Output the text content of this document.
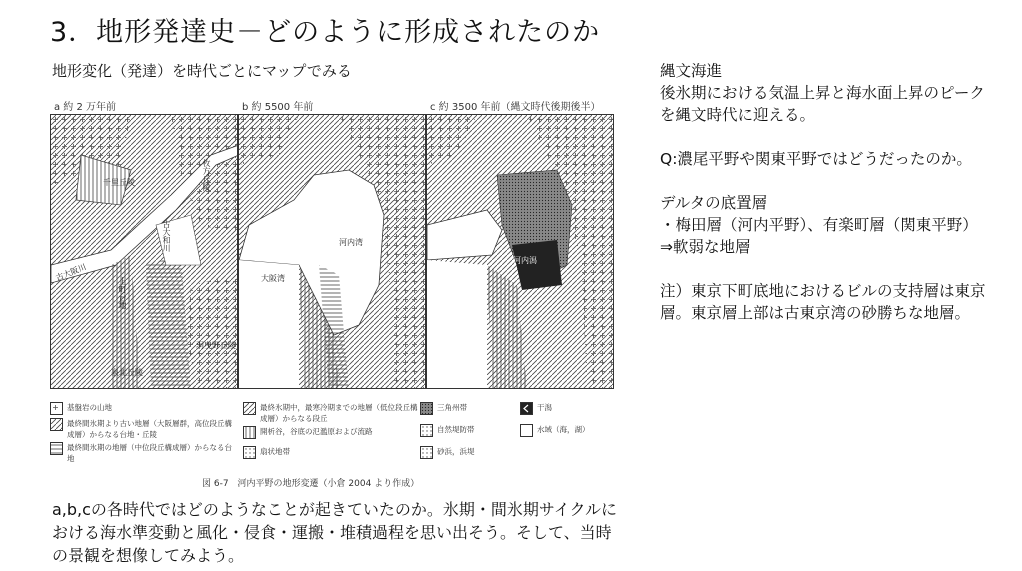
3．地形発達史－どのように形成されたのか
地形変化（発達）を時代ごとにマップでみる
a 約 2 万年前
千里丘陵	枚方丘陵
古大阪川
古大和川
上町台地
羽曳野丘陵
泉北丘陵
b 約 5500 年前
河内湾
大阪湾
c 約 3500 年前（縄文時代後期後半）
河内潟
基盤岩の山地
最終間氷期より古い地層（大阪層群，高位段丘構成層）からなる台地・丘陵
最終間氷期の地層（中位段丘構成層）からなる台地
最終氷期中，最寒冷期までの地層（低位段丘構成層）からなる段丘
開析谷，谷底の氾濫原および流路
扇状地帯
三角州帯
自然堤防帯
砂浜，浜堤
干潟
水域（海，湖）
図 6-7　河内平野の地形変遷（小倉 2004 より作成）

縄文海進

後氷期における気温上昇と海水面上昇のピークを縄文時代に迎える。

Q:濃尾平野や関東平野ではどうだったのか。

デルタの底置層

・梅田層（河内平野）、有楽町層（関東平野）

⇒軟弱な地層

注）東京下町底地におけるビルの支持層は東京層。東京層上部は古東京湾の砂勝ちな地層。

a,b,cの各時代ではどのようなことが起きていたのか。氷期・間氷期サイクルにおける海水準変動と風化・侵食・運搬・堆積過程を思い出そう。そして、当時の景観を想像してみよう。
